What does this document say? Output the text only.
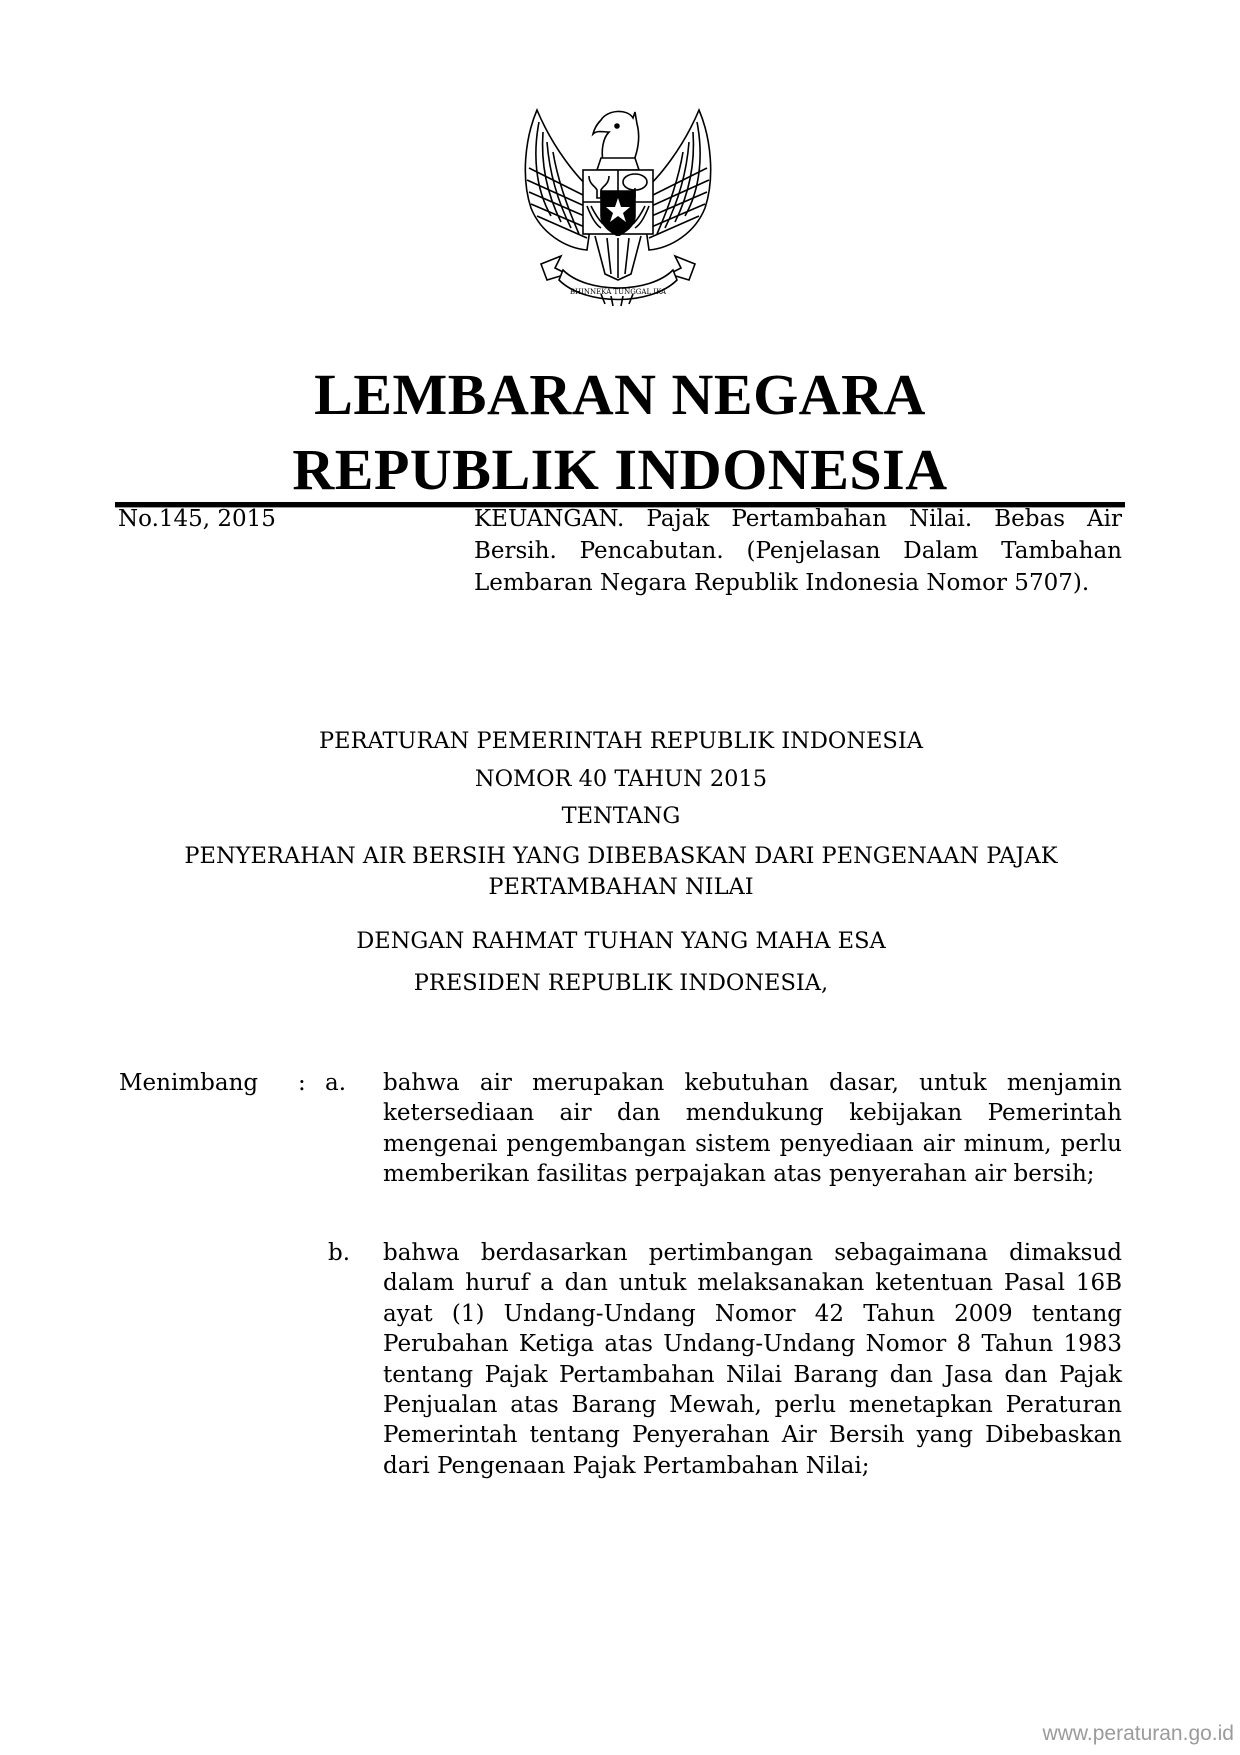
BHINNEKA TUNGGAL IKA
LEMBARAN NEGARA
REPUBLIK INDONESIA
No.145, 2015	KEUANGAN. Pajak Pertambahan Nilai. Bebas Air Bersih. Pencabutan. (Penjelasan Dalam Tambahan Lembaran Negara Republik Indonesia Nomor 5707).
PERATURAN PEMERINTAH REPUBLIK INDONESIA
NOMOR 40 TAHUN 2015
TENTANG
PENYERAHAN AIR BERSIH YANG DIBEBASKAN DARI PENGENAAN PAJAK PERTAMBAHAN NILAI
DENGAN RAHMAT TUHAN YANG MAHA ESA
PRESIDEN REPUBLIK INDONESIA,
Menimbang : a. bahwa air merupakan kebutuhan dasar, untuk menjamin ketersediaan air dan mendukung kebijakan Pemerintah mengenai pengembangan sistem penyediaan air minum, perlu memberikan fasilitas perpajakan atas penyerahan air bersih;
b. bahwa berdasarkan pertimbangan sebagaimana dimaksud dalam huruf a dan untuk melaksanakan ketentuan Pasal 16B ayat (1) Undang-Undang Nomor 42 Tahun 2009 tentang Perubahan Ketiga atas Undang-Undang Nomor 8 Tahun 1983 tentang Pajak Pertambahan Nilai Barang dan Jasa dan Pajak Penjualan atas Barang Mewah, perlu menetapkan Peraturan Pemerintah tentang Penyerahan Air Bersih yang Dibebaskan dari Pengenaan Pajak Pertambahan Nilai;
www.peraturan.go.id
